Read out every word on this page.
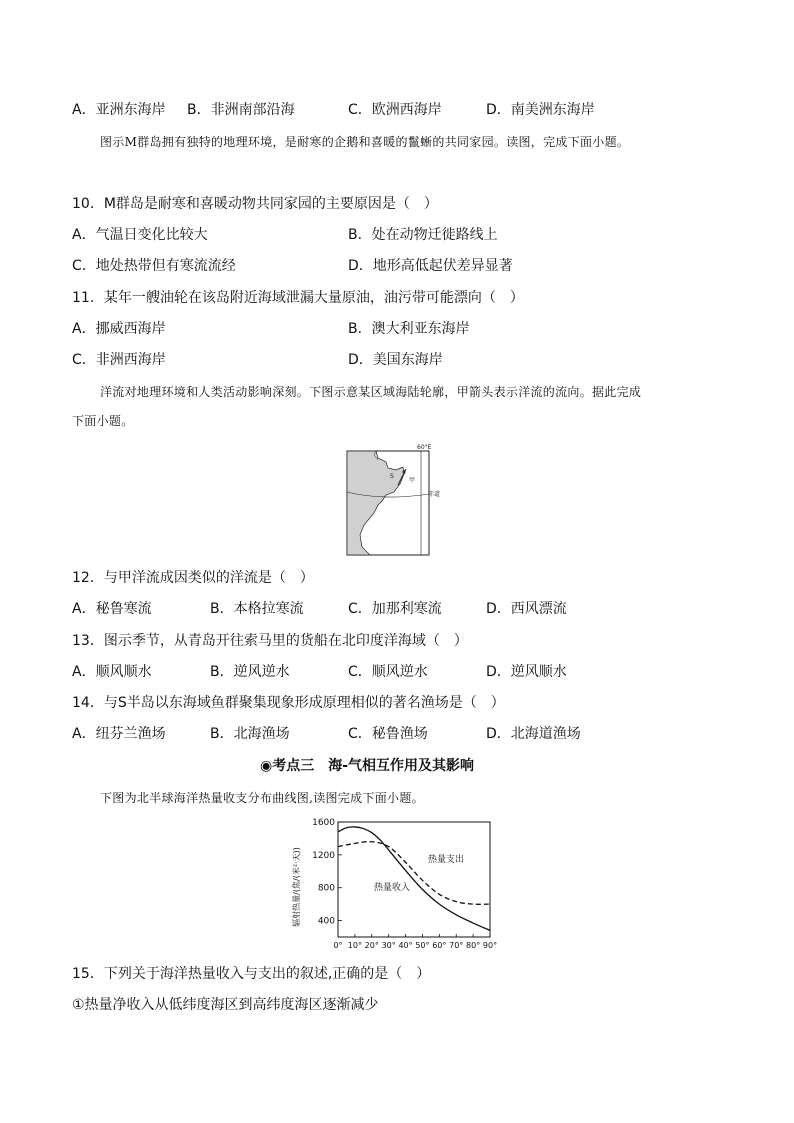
A．亚洲东海岸 B．非洲南部沿海	C．欧洲西海岸	D．南美洲东海岸
图示M群岛拥有独特的地理环境，是耐寒的企鹅和喜暖的鬣蜥的共同家园。读图，完成下面小题。
10．M群岛是耐寒和喜暖动物共同家园的主要原因是（　）
A．气温日变化比较大	B．处在动物迁徙路线上
C．地处热带但有寒流流经	D．地形高低起伏差异显著
11．某年一艘油轮在该岛附近海域泄漏大量原油，油污带可能漂向（　）
A．挪威西海岸	B．澳大利亚东海岸
C．非洲西海岸	D．美国东海岸
洋流对地理环境和人类活动影响深刻。下图示意某区域海陆轮廓，甲箭头表示洋流的流向。据此完成
下面小题。
60°E
S
甲
赤道
12．与甲洋流成因类似的洋流是（　）
A．秘鲁寒流	B．本格拉寒流	C．加那利寒流	D．西风漂流
13．图示季节，从青岛开往索马里的货船在北印度洋海域（　）
A．顺风顺水	B．逆风逆水	C．顺风逆水	D．逆风顺水
14．与S半岛以东海域鱼群聚集现象形成原理相似的著名渔场是（　）
A．纽芬兰渔场	B．北海渔场	C．秘鲁渔场	D．北海道渔场
◉考点三　海-气相互作用及其影响
下图为北半球海洋热量收支分布曲线图,读图完成下面小题。
辐射热量/(焦/(米²·天))
1600
1200
800
400
0° 10° 20° 30° 40° 50° 60° 70° 80° 90°
热量支出
热量收入
15．下列关于海洋热量收入与支出的叙述,正确的是（　）
①热量净收入从低纬度海区到高纬度海区逐渐减少
